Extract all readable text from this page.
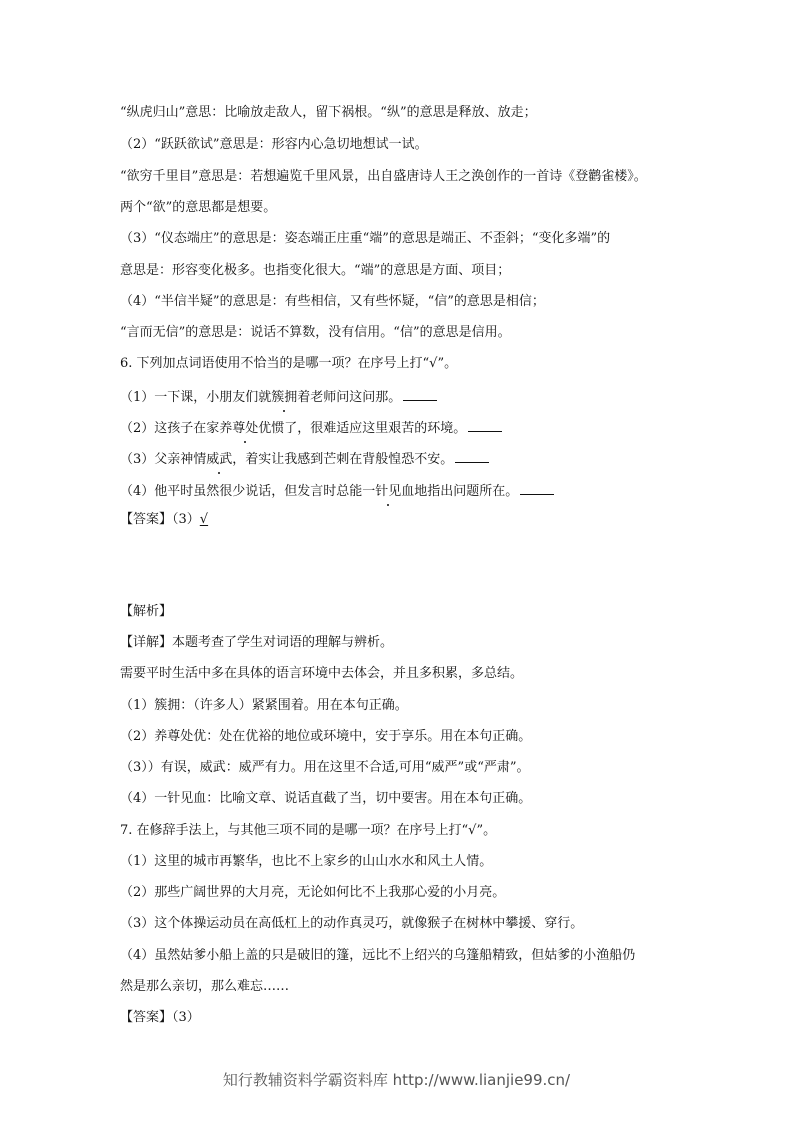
“纵虎归山”意思：比喻放走敌人，留下祸根。“纵”的意思是释放、放走；
（2）“跃跃欲试”意思是：形容内心急切地想试一试。
“欲穷千里目”意思是：若想遍览千里风景，出自盛唐诗人王之涣创作的一首诗《登鹳雀楼》。
两个“欲”的意思都是想要。
（3）“仪态端庄”的意思是：姿态端正庄重“端”的意思是端正、不歪斜；“变化多端”的
意思是：形容变化极多。也指变化很大。“端”的意思是方面、项目；
（4）“半信半疑”的意思是：有些相信，又有些怀疑，“信”的意思是相信；
“言而无信”的意思是：说话不算数，没有信用。“信”的意思是信用。
6. 下列加点词语使用不恰当的是哪一项？在序号上打“√”。
（1）一下课，小朋友们就簇拥着老师问这问那。
（2）这孩子在家养尊处优惯了，很难适应这里艰苦的环境。
（3）父亲神情威武，着实让我感到芒刺在背般惶恐不安。
（4）他平时虽然很少说话，但发言时总能一针见血地指出问题所在。
【答案】（3）√
【解析】
【详解】本题考查了学生对词语的理解与辨析。
需要平时生活中多在具体的语言环境中去体会，并且多积累，多总结。
（1）簇拥：（许多人）紧紧围着。用在本句正确。
（2）养尊处优：处在优裕的地位或环境中，安于享乐。用在本句正确。
（3））有误，威武：威严有力。用在这里不合适,可用“威严”或“严肃”。
（4）一针见血：比喻文章、说话直截了当，切中要害。用在本句正确。
7. 在修辞手法上，与其他三项不同的是哪一项？在序号上打“√”。
（1）这里的城市再繁华，也比不上家乡的山山水水和风土人情。
（2）那些广阔世界的大月亮，无论如何比不上我那心爱的小月亮。
（3）这个体操运动员在高低杠上的动作真灵巧，就像猴子在树林中攀援、穿行。
（4）虽然姑爹小船上盖的只是破旧的篷，远比不上绍兴的乌篷船精致，但姑爹的小渔船仍
然是那么亲切，那么难忘……
【答案】（3）
知行教辅资料学霸资料库 http://www.lianjie99.cn/
